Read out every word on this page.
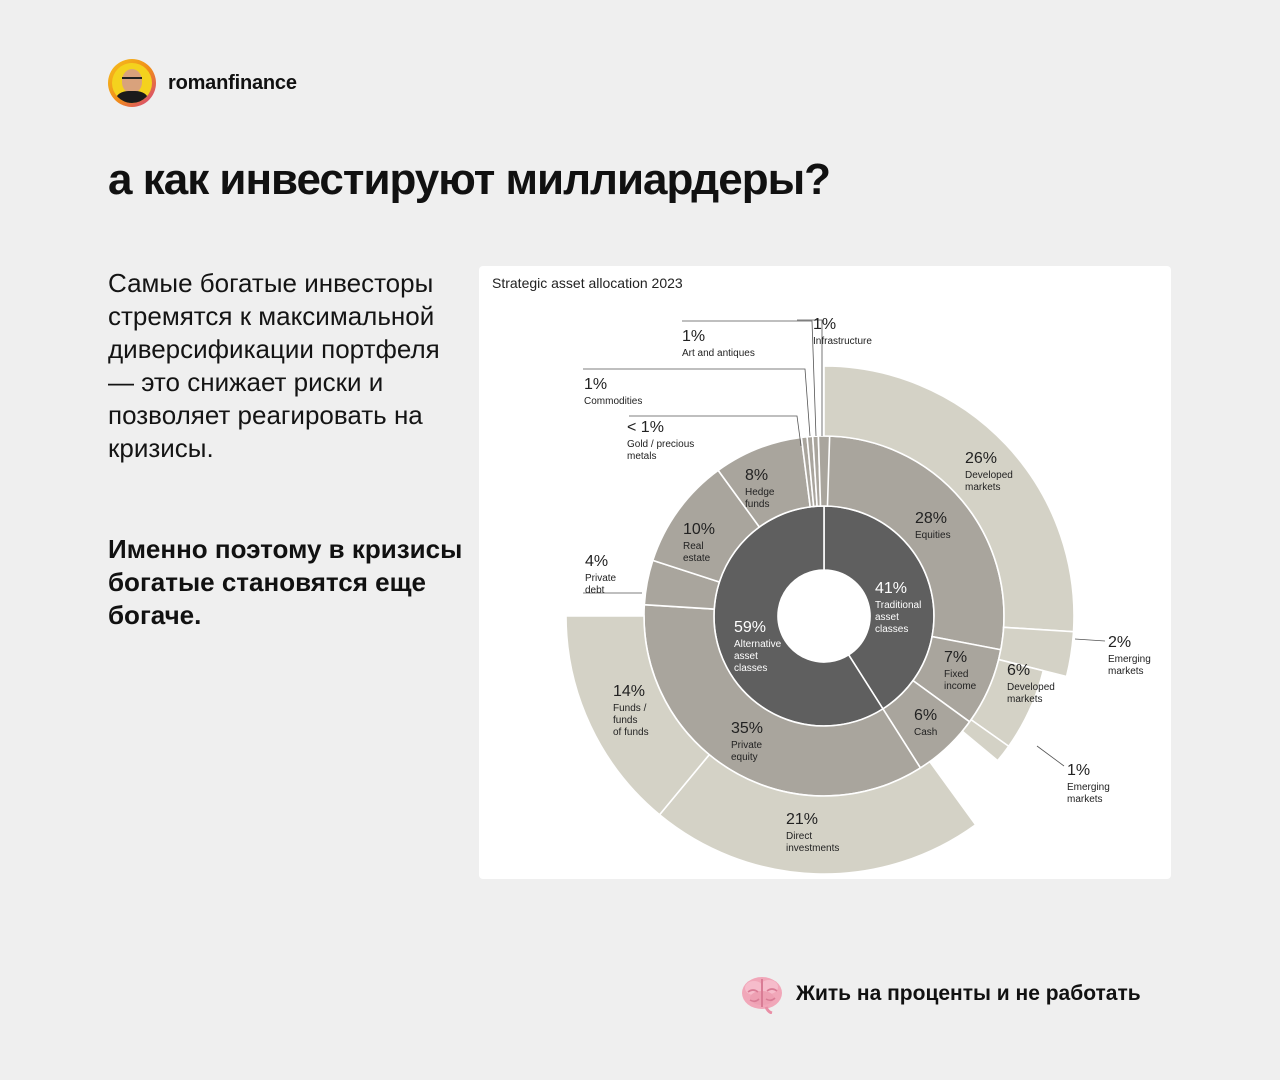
romanfinance
а как инвестируют миллиардеры?

Самые богатые инвесторы стремятся к максимальной диверсификации портфеля — это снижает риски и позволяет реагировать на кризисы.

Именно поэтому в кризисы богатые становятся еще богаче.

Strategic asset allocation 2023
41% Traditional asset classes
59% Alternative asset classes
28% Equities
7% Fixed income
6% Cash
35% Private equity
4% Private debt
10% Real estate
8% Hedge funds
< 1% Gold / precious metals
1% Commodities
1% Art and antiques
1% Infrastructure
26% Developed markets
2% Emerging markets
6% Developed markets
1% Emerging markets
21% Direct investments
14% Funds / funds of funds
Жить на проценты и не работать
